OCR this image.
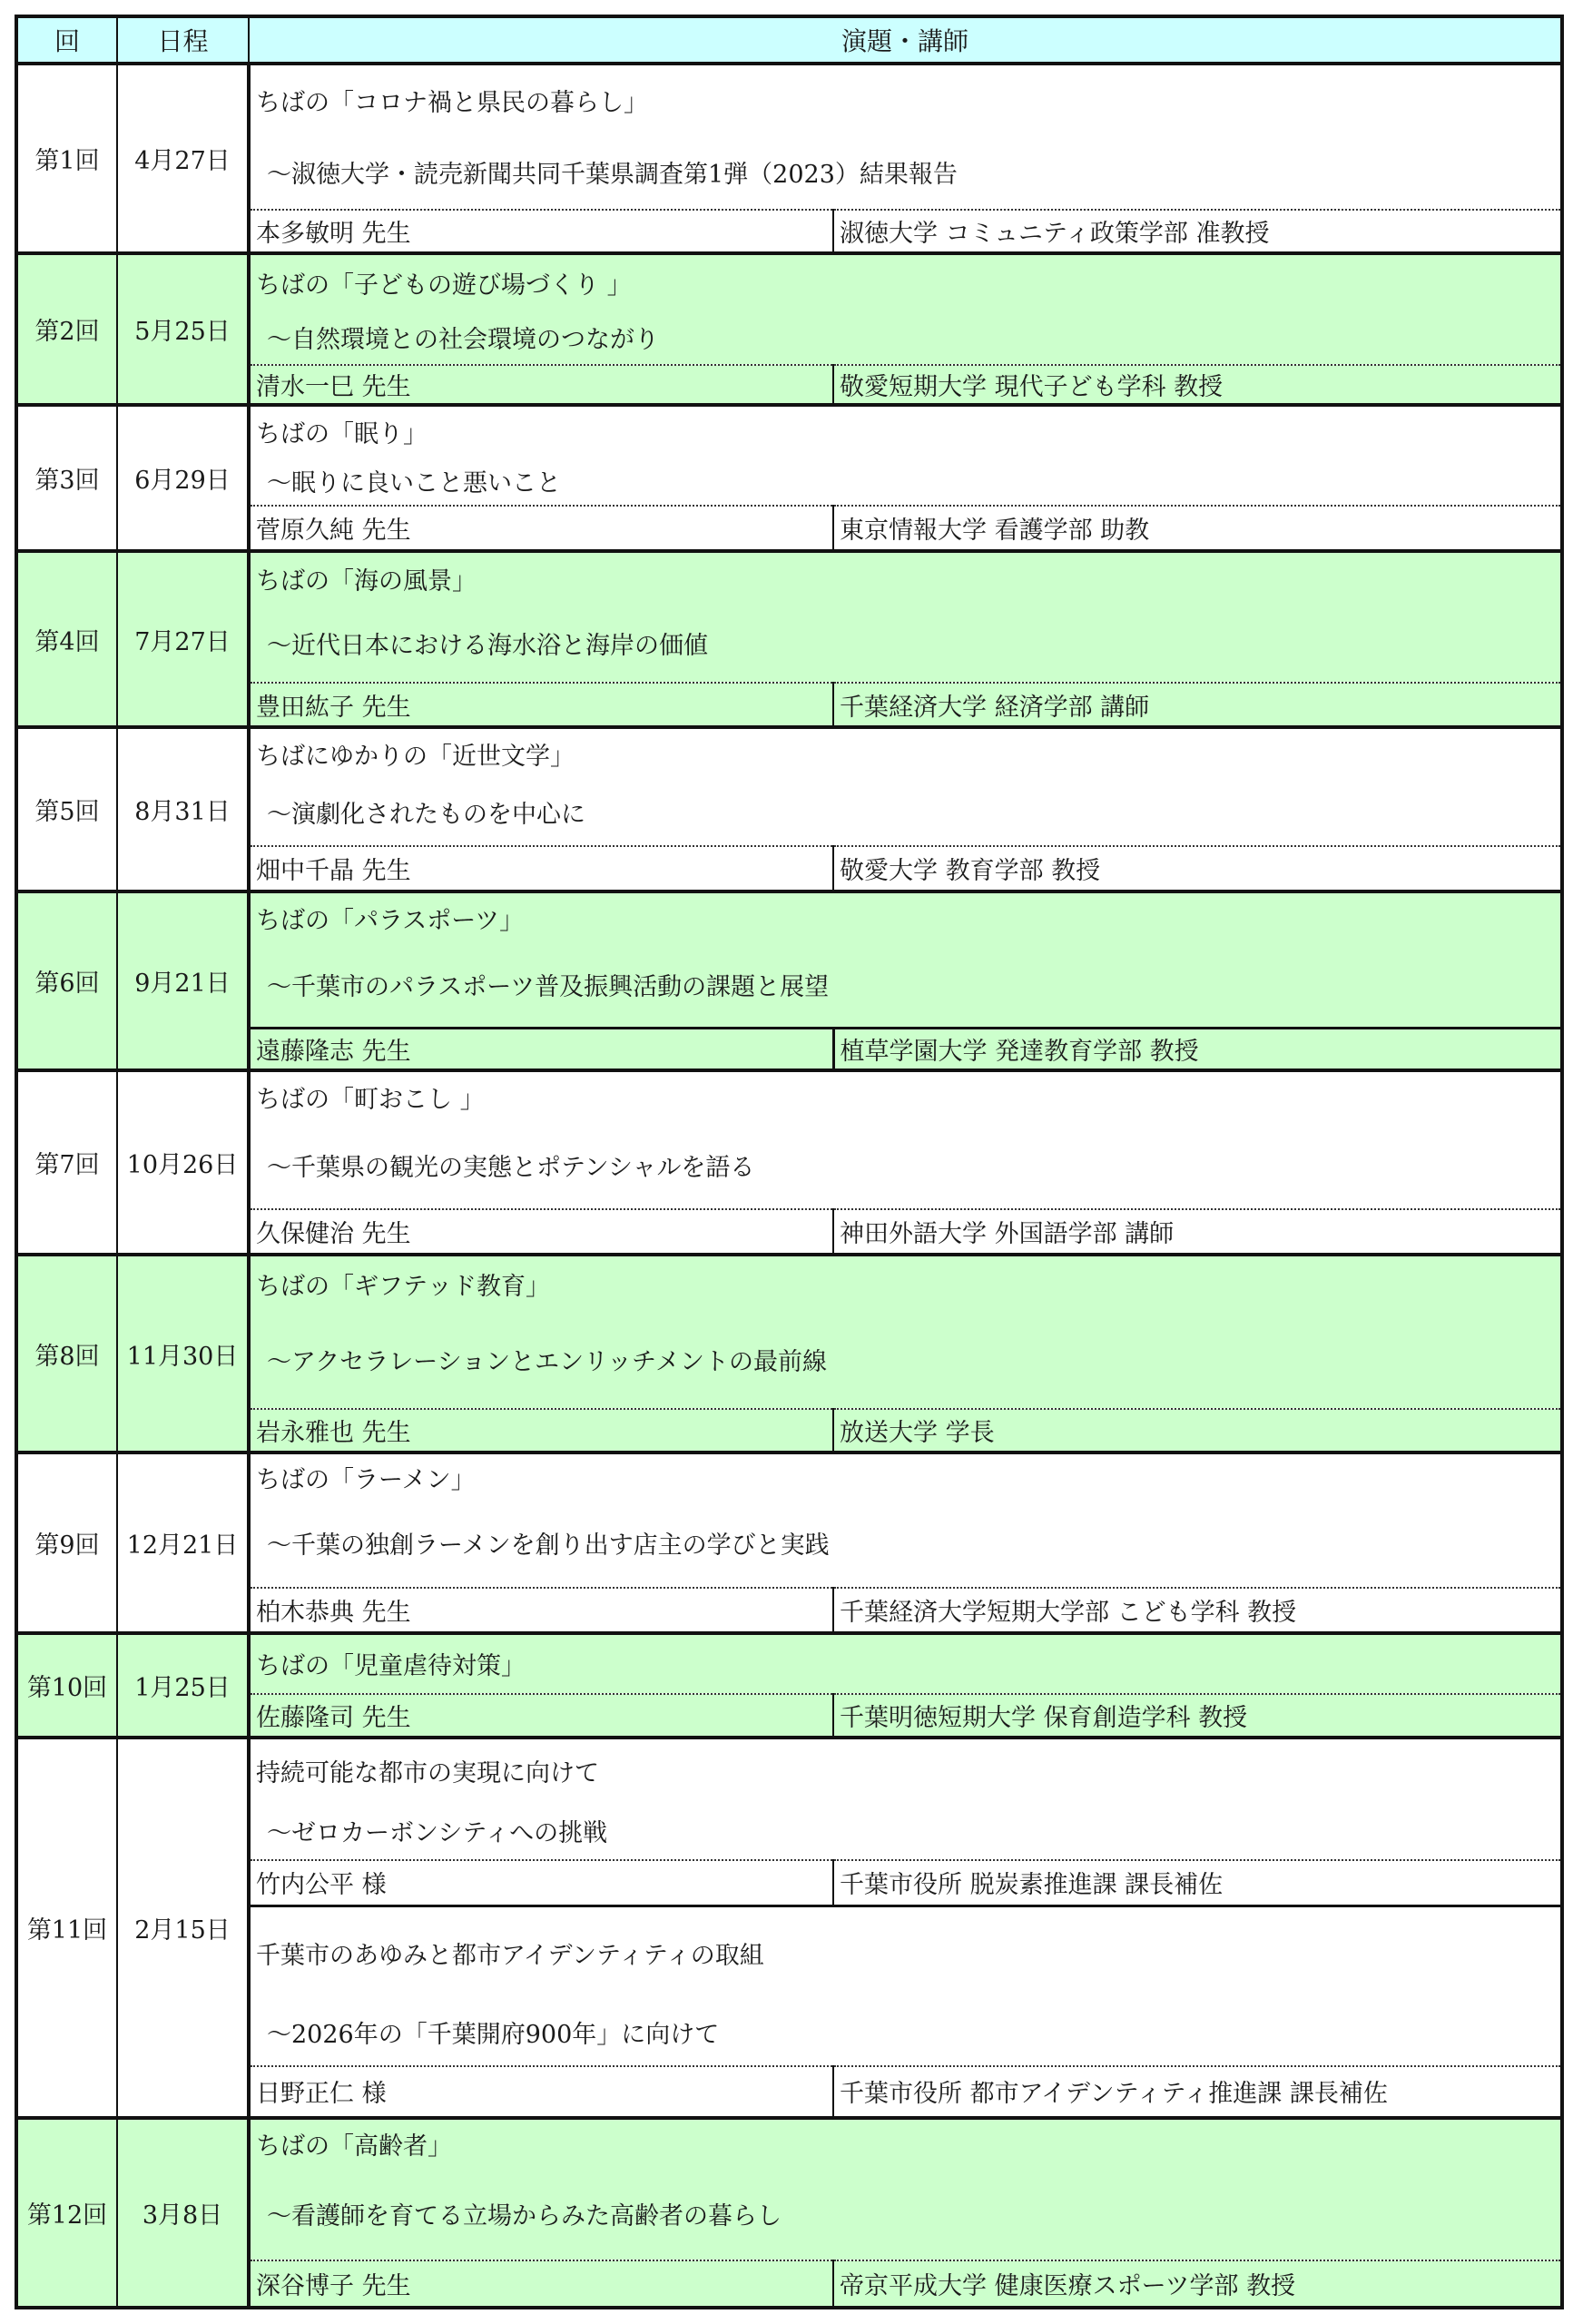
回	日程	演題・講師	
第1回	4月27日	ちばの「コロナ禍と県民の暮らし」	
		～淑徳大学・読売新聞共同千葉県調査第1弾（2023）結果報告	
		本多敏明 先生	淑徳大学 コミュニティ政策学部 准教授
第2回	5月25日	ちばの「子どもの遊び場づくり 」	
		～自然環境との社会環境のつながり	
		清水一巳 先生	敬愛短期大学 現代子ども学科 教授
第3回	6月29日	ちばの「眠り」	
		～眠りに良いこと悪いこと	
		菅原久純 先生	東京情報大学 看護学部 助教
第4回	7月27日	ちばの「海の風景」	
		～近代日本における海水浴と海岸の価値	
		豊田紘子 先生	千葉経済大学 経済学部 講師
第5回	8月31日	ちばにゆかりの「近世文学」	
		～演劇化されたものを中心に	
		畑中千晶 先生	敬愛大学 教育学部 教授
第6回	9月21日	ちばの「パラスポーツ」	
		～千葉市のパラスポーツ普及振興活動の課題と展望	
		遠藤隆志 先生	植草学園大学 発達教育学部 教授
第7回	10月26日	ちばの「町おこし 」	
		～千葉県の観光の実態とポテンシャルを語る	
		久保健治 先生	神田外語大学 外国語学部 講師
第8回	11月30日	ちばの「ギフテッド教育」	
		～アクセラレーションとエンリッチメントの最前線	
		岩永雅也 先生	放送大学 学長
第9回	12月21日	ちばの「ラーメン」	
		～千葉の独創ラーメンを創り出す店主の学びと実践	
		柏木恭典 先生	千葉経済大学短期大学部 こども学科 教授
第10回	1月25日	ちばの「児童虐待対策」	
		佐藤隆司 先生	千葉明徳短期大学 保育創造学科 教授
第11回	2月15日	持続可能な都市の実現に向けて	
		～ゼロカーボンシティへの挑戦	
		竹内公平 様	千葉市役所 脱炭素推進課 課長補佐
		千葉市のあゆみと都市アイデンティティの取組	
		～2026年の「千葉開府900年」に向けて	
		日野正仁 様	千葉市役所 都市アイデンティティ推進課 課長補佐
第12回	3月8日	ちばの「高齢者」	
		～看護師を育てる立場からみた高齢者の暮らし	
		深谷博子 先生	帝京平成大学 健康医療スポーツ学部 教授
